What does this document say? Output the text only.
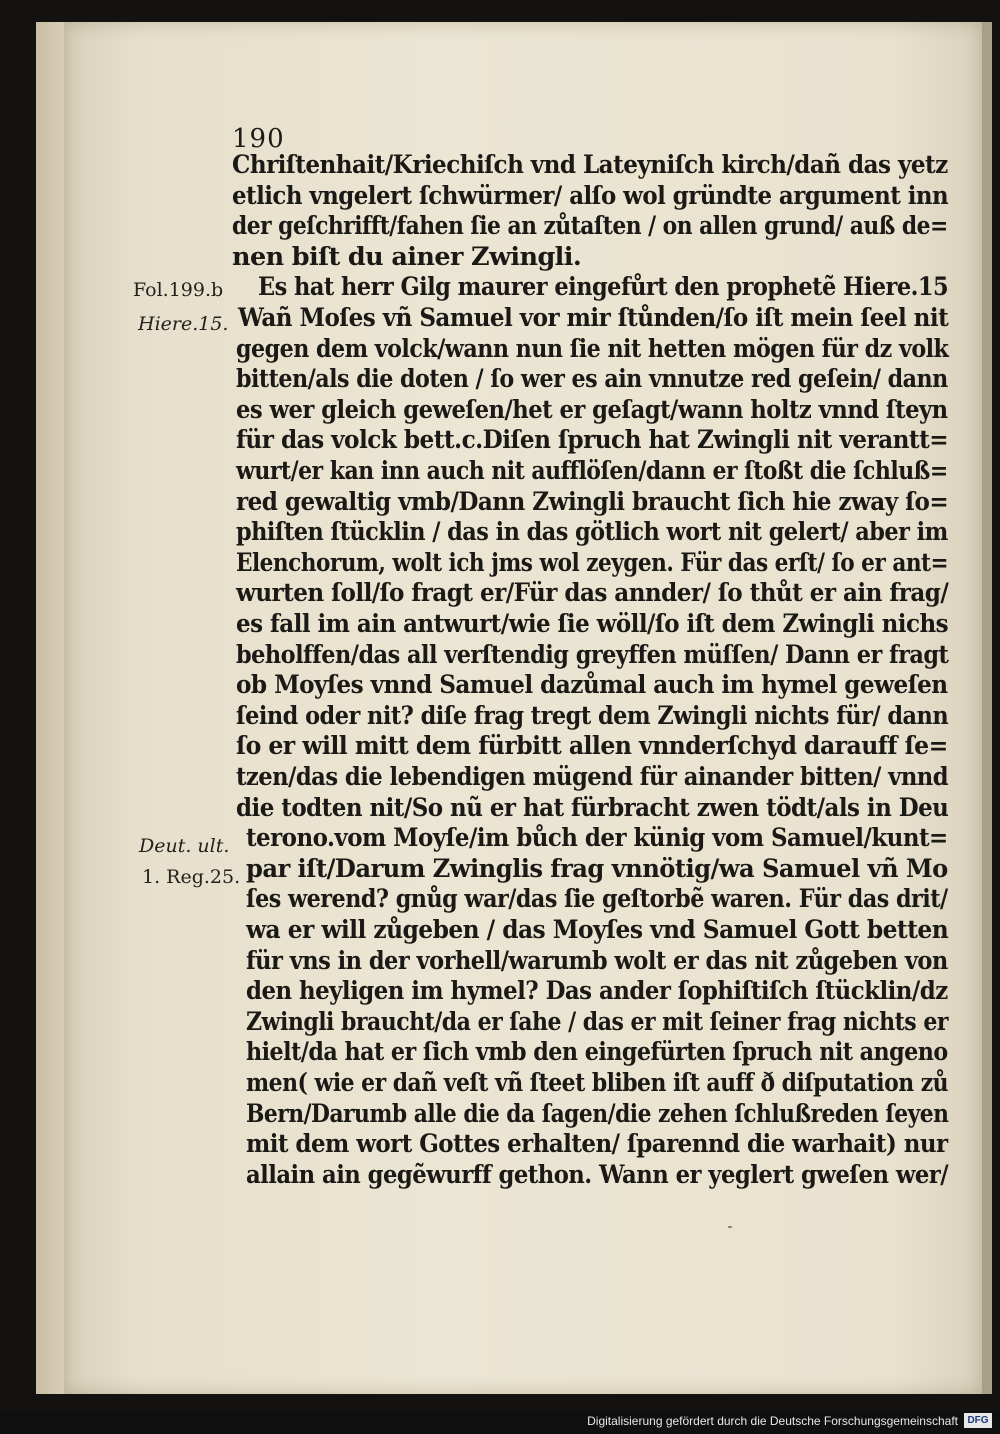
190
Chriſtenhait/Kriechiſch vnd Lateyniſch kirch/dañ das yetz
etlich vngelert ſchwürmer/ alſo wol gründte argument inn
der geſchrifft/fahen ſie an zůtaſten / on allen grund/ auß de=
nen biſt du ainer Zwingli.
Es hat herr Gilg maurer eingefůrt den prophetẽ Hiere.15
Wañ Moſes vñ Samuel vor mir ſtůnden/ſo iſt mein ſeel nit
gegen dem volck/wann nun ſie nit hetten mögen für dz volk
bitten/als die doten / ſo wer es ain vnnutze red geſein/ dann
es wer gleich geweſen/het er geſagt/wann holtz vnnd ſteyn
für das volck bett.c.Diſen ſpruch hat Zwingli nit verantt=
wurt/er kan inn auch nit aufflöſen/dann er ſtoßt die ſchluß=
red gewaltig vmb/Dann Zwingli braucht ſich hie zway ſo=
phiſten ſtücklin / das in das götlich wort nit gelert/ aber im
Elenchorum, wolt ich jms wol zeygen. Für das erſt/ ſo er ant=
wurten ſoll/ſo fragt er/Für das annder/ ſo thůt er ain frag/
es fall im ain antwurt/wie ſie wöll/ſo iſt dem Zwingli nichs
beholffen/das all verſtendig greyffen müſſen/ Dann er fragt
ob Moyſes vnnd Samuel dazůmal auch im hymel geweſen
ſeind oder nit? diſe frag tregt dem Zwingli nichts für/ dann
ſo er will mitt dem fürbitt allen vnnderſchyd darauff ſe=
tzen/das die lebendigen mügend für ainander bitten/ vnnd
die todten nit/So nũ er hat fürbracht zwen tödt/als in Deu
terono.vom Moyſe/im bůch der künig vom Samuel/kunt=
par iſt/Darum Zwinglis frag vnnötig/wa Samuel vñ Mo
ſes werend? gnůg war/das ſie geſtorbẽ waren. Für das drit/
wa er will zůgeben / das Moyſes vnd Samuel Gott betten
für vns in der vorhell/warumb wolt er das nit zůgeben von
den heyligen im hymel? Das ander ſophiſtiſch ſtücklin/dz
Zwingli braucht/da er ſahe / das er mit ſeiner frag nichts er
hielt/da hat er ſich vmb den eingefürten ſpruch nit angeno
men( wie er dañ veſt vñ ſteet bliben iſt auff ð diſputation zů
Bern/Darumb alle die da ſagen/die zehen ſchlußreden ſeyen
mit dem wort Gottes erhalten/ ſparennd die warhait) nur
allain ain gegẽwurff gethon. Wann er yeglert gweſen wer/
Fol.199.b
Hiere.15.
Deut. ult.
1. Reg.25.
Digitalisierung gefördert durch die Deutsche Forschungsgemeinschaft DFG
